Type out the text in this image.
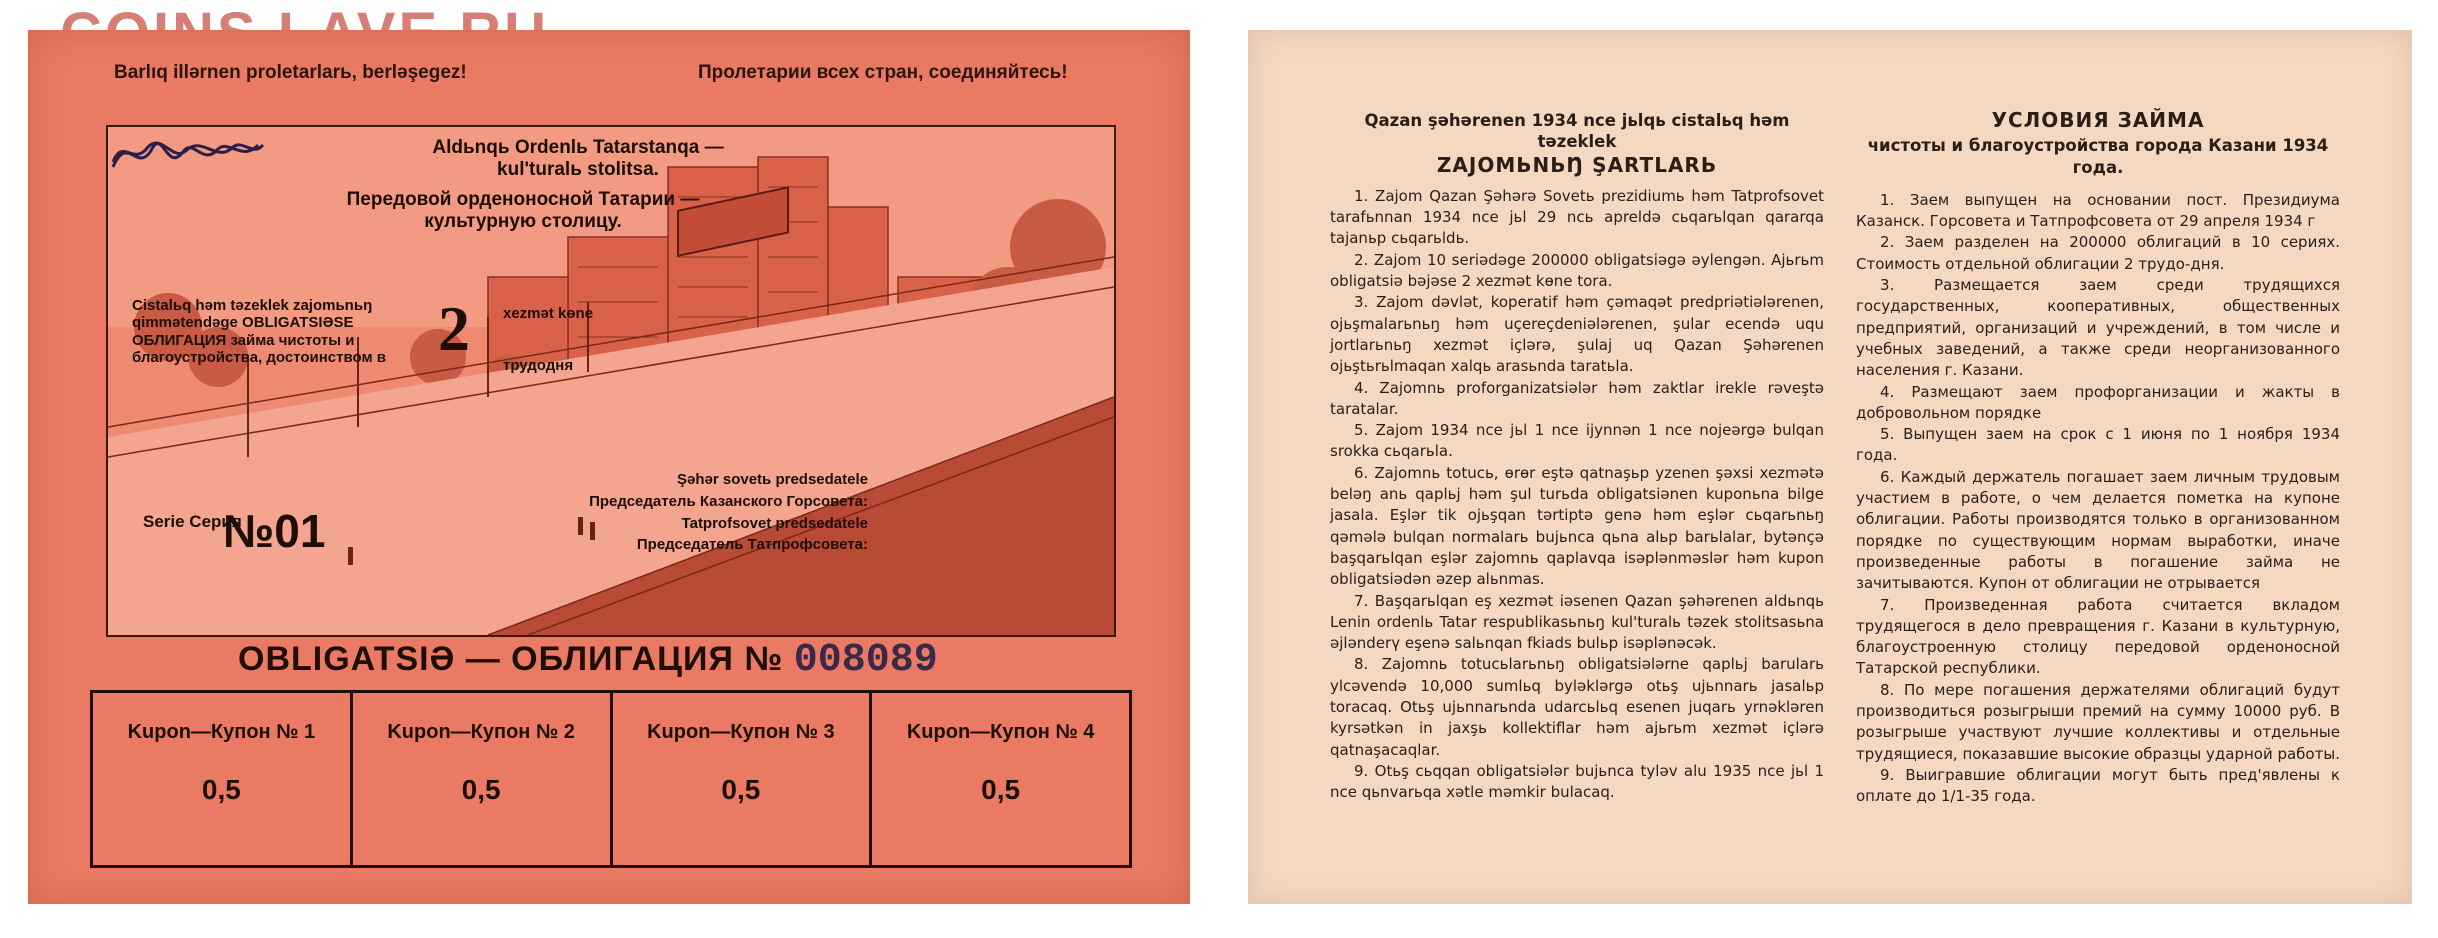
Barlıq illərnen proletarlarь, berləşegez!	Пролетарии всех стран, соединяйтесь!
Aldьnqь Ordenlь Tatarstanqa — kul'turalь stolitsa.
Передовой орденоносной Татарии — культурную столицу.
Cistalьq həm təzeklek zajomьnьŋ qimmətendəge OBLIGATSIƏSE ОБЛИГАЦИЯ займа чистоты и благоустройства, достоинством в 2 xezmət kөne
трудодня
Serie Серия
№01
Şəhər sovetь predsedatele
Председатель Казанского Горсовета:
Tatprofsovet predsedatele
Председатель Татпрофсовета:
OBLIGATSIƏ — ОБЛИГАЦИЯ № 008089
Kupon—Купон № 1
0,5
Kupon—Купон № 2
0,5
Kupon—Купон № 3
0,5
Kupon—Купон № 4
0,5
Qazan şəhərenen 1934 nce jьlqь cistalьq həm təzeklek
ZAJOMЬNЬŊ ŞARTLARЬ

1. Zajom Qazan Şəhərə Sovetь prezidiumь həm Tatprofsovet tarafьnnan 1934 nce jьl 29 nсь apreldə cьqarьlqan qararqa tajanьp cьqarьldь.

2. Zajom 10 seriədəge 200000 obligatsiəgə əylengən. Ajьrьm obligatsiə bəjəse 2 xezmət kөne tora.

3. Zajom dəvlət, koperatif həm çəmaqət predpriətiələrenen, ojьşmalarьnьŋ həm uçereçdeniələrenen, şular ecendə uqu jortlarьnьŋ xezmət içlərə, şulaj uq Qazan Şəhərenen ojьştьrьlmaqan xalqь arasьnda taratьla.

4. Zajomnь proforganizatsiələr həm zaktlar irekle rəveştə taratalar.

5. Zajom 1934 nce jьl 1 nce ijynnən 1 nce nojeərgə bulqan srokka cьqarьla.

6. Zajomnь totucь, ɵrɵr eştə qatnaşьp yzenen şəxsi xezmətə beləŋ anь qaplьj həm şul turьda obligatsiənen kuponьna bilge jasala. Eşlər tik ojьşqan tərtiptə genə həm eşlər cьqarьnьŋ qəmələ bulqan normalarь bujьnca qьna alьp barьlalar, bytənçə başqarьlqan eşlər zajomnь qaplavqa isəplənməslər həm kupon obligatsiədən əzep alьnmas.

7. Başqarьlqan eş xezmət iəsenen Qazan şəhərenen aldьnqь Lenin ordenlь Tatar respublikasьnьŋ kul'turalь təzek stolitsasьna əjlənderү eşenə salьnqan fkiads bulьp isəplənəcək.

8. Zajomnь totucьlarьnьŋ obligatsiələrne qaplьj barularь ylcəvendə 10,000 sumlьq byləklərgə otьş ujьnnarь jasalьp toracaq. Otьş ujьnnarьnda udarcьlьq esenen juqarь yrnəkləren kyrsətkən in jaxşь kollektiflar həm ajьrьm xezmət içlərə qatnaşacaqlar.

9. Otьş cьqqan obligatsiələr bujьnca tylәv alu 1935 nce jьl 1 nce qьnvarьqa xətle məmkir bulacaq.

УСЛОВИЯ ЗАЙМА
чистоты и благоустройства города Казани 1934 года.

1. Заем выпущен на основании пост. Президиума Казанск. Горсовета и Татпрофсовета от 29 апреля 1934 г

2. Заем разделен на 200000 облигаций в 10 сериях. Стоимость отдельной облигации 2 трудо-дня.

3. Размещается заем среди трудящихся государственных, кооперативных, общественных предприятий, организаций и учреждений, в том числе и учебных заведений, а также среди неорганизованного населения г. Казани.

4. Размещают заем профорганизации и жакты в добровольном порядке

5. Выпущен заем на срок с 1 июня по 1 ноября 1934 года.

6. Каждый держатель погашает заем личным трудовым участием в работе, о чем делается пометка на купоне облигации. Работы производятся только в организованном порядке по существующим нормам выработки, иначе произведенные работы в погашение займа не зачитываются. Купон от облигации не отрывается

7. Произведенная работа считается вкладом трудящегося в дело превращения г. Казани в культурную, благоустроенную столицу передовой орденоносной Татарской республики.

8. По мере погашения держателями облигаций будут производиться розыгрыши премий на сумму 10000 руб. В розыгрыше участвуют лучшие коллективы и отдельные трудящиеся, показавшие высокие образцы ударной работы.

9. Выигравшие облигации могут быть пред'явлены к оплате до 1/1-35 года.
